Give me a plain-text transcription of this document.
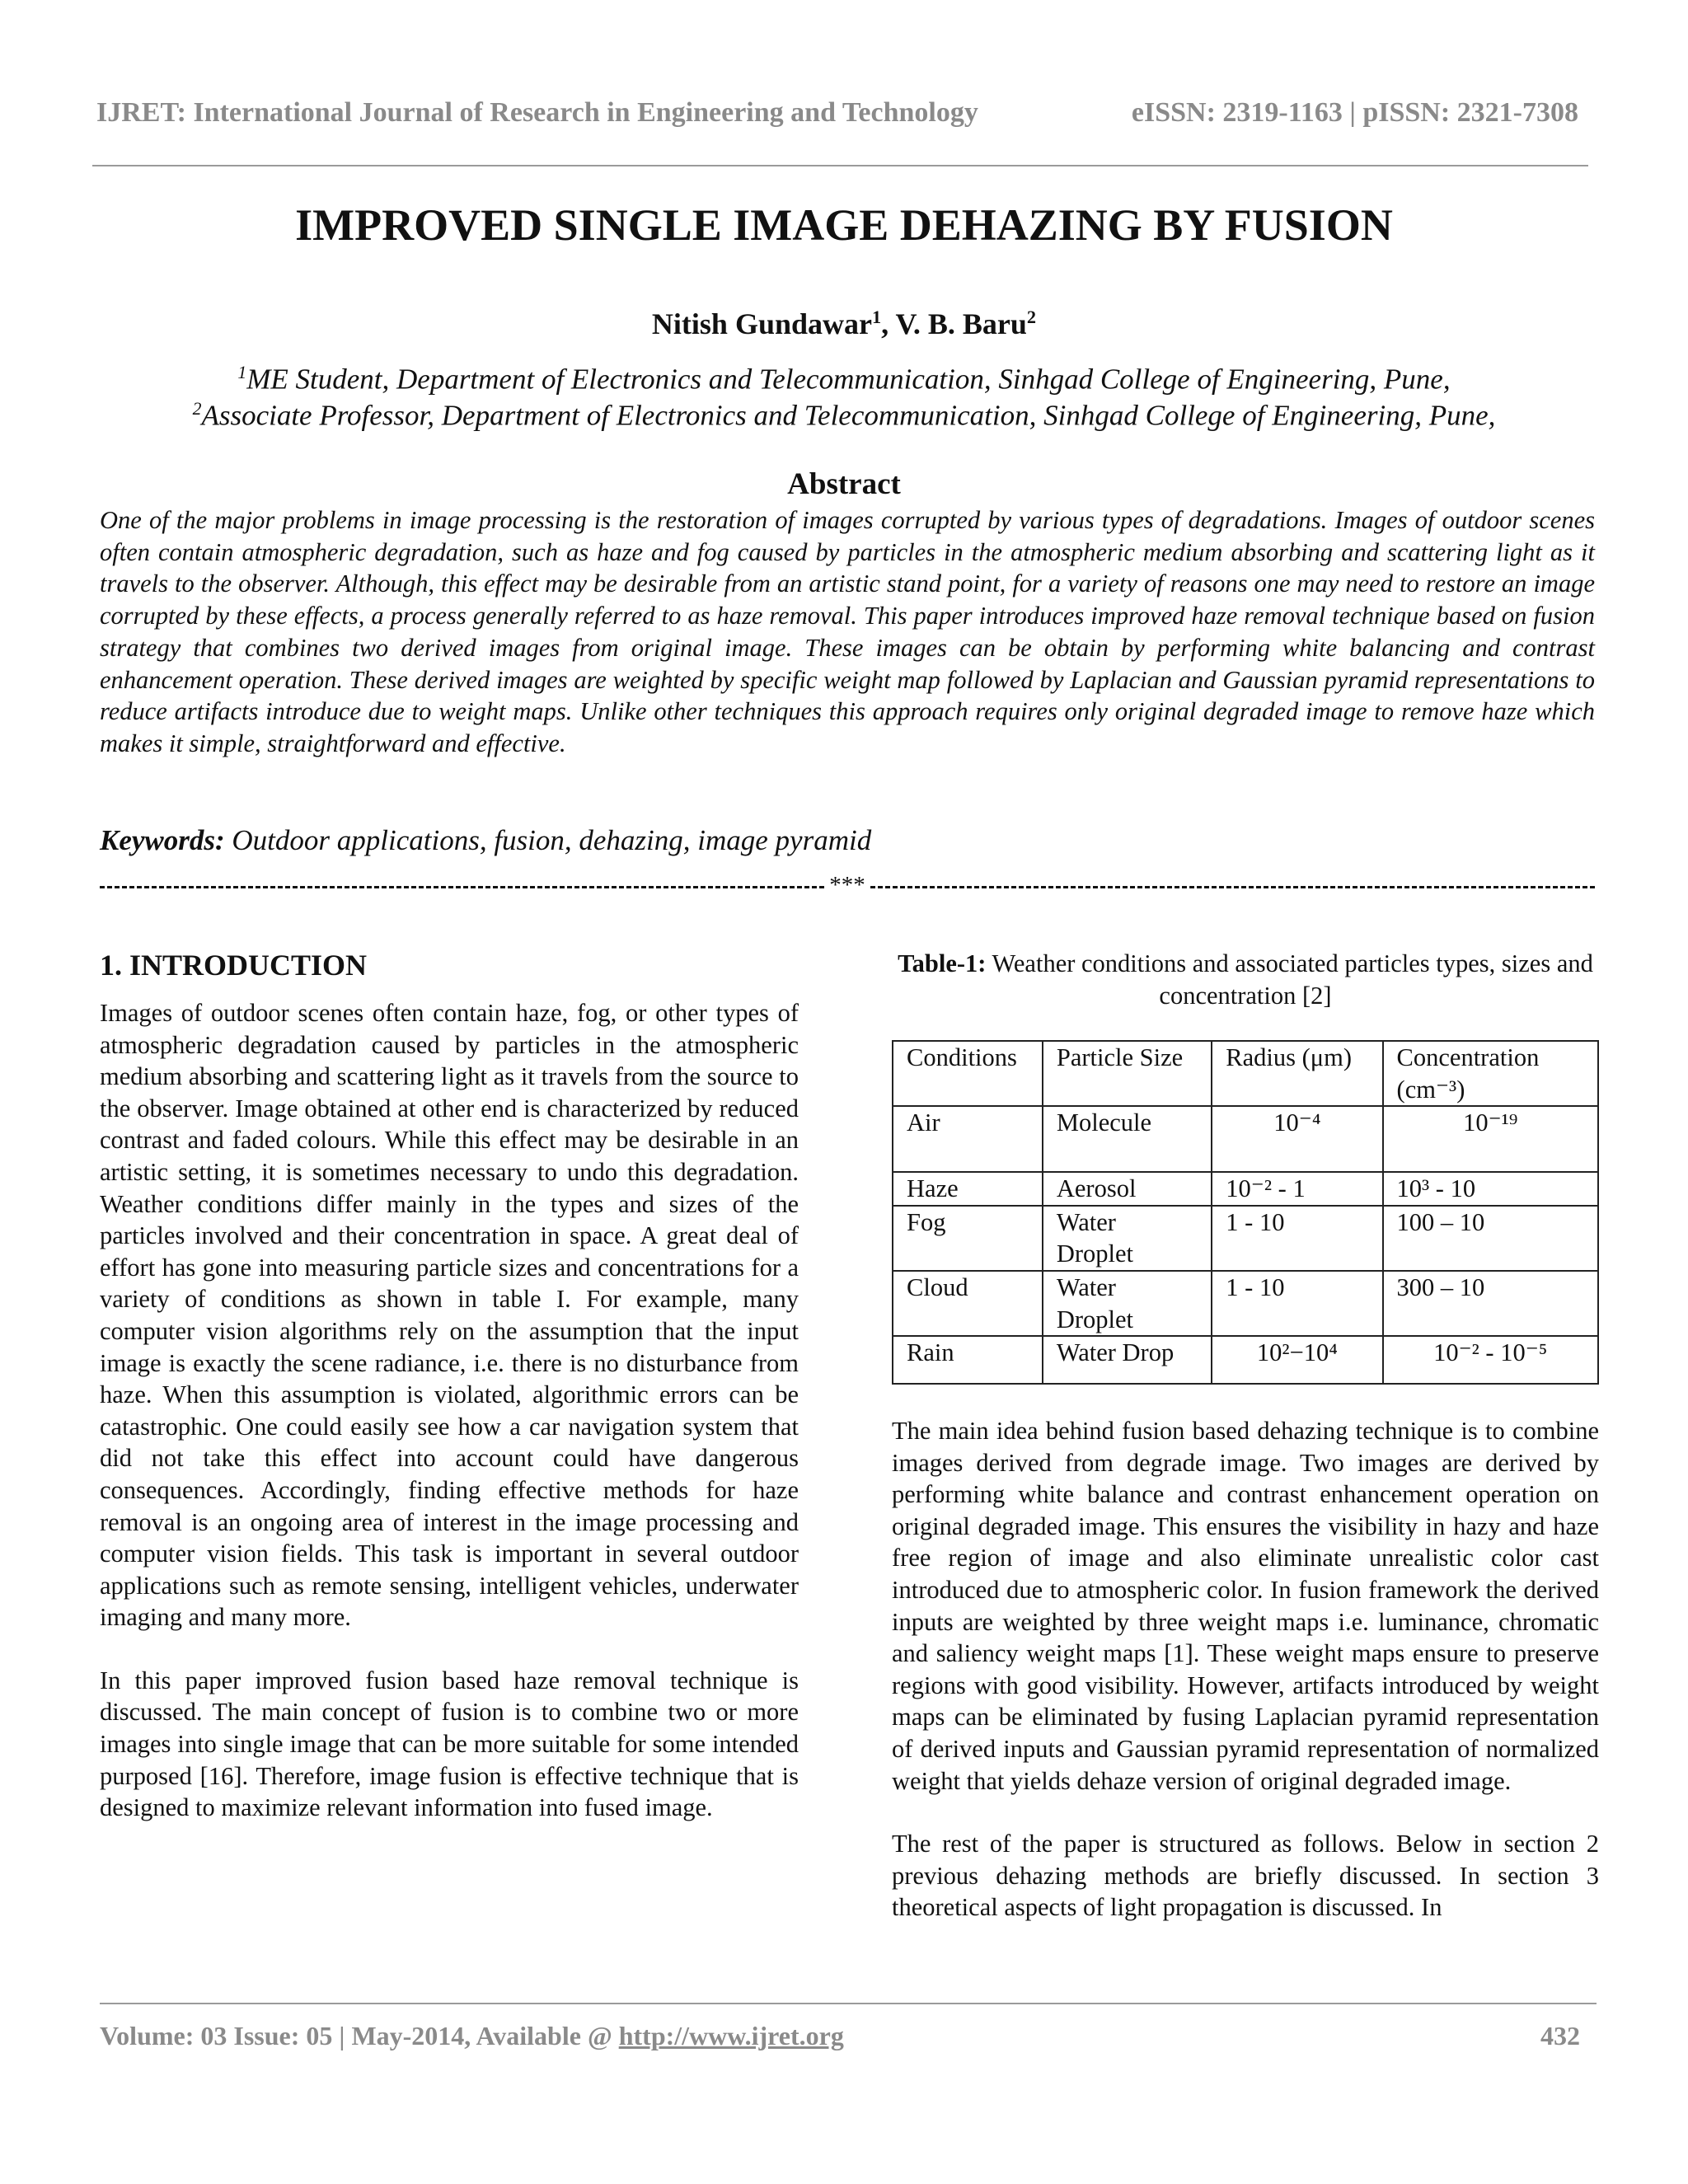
IJRET: International Journal of Research in Engineering and Technology	eISSN: 2319-1163 | pISSN: 2321-7308
IMPROVED SINGLE IMAGE DEHAZING BY FUSION
Nitish Gundawar$^1$, V. B. Baru$^2$
$^1$ME Student, Department of Electronics and Telecommunication, Sinhgad College of Engineering, Pune,
$^2$Associate Professor, Department of Electronics and Telecommunication, Sinhgad College of Engineering, Pune,
Abstract
One of the major problems in image processing is the restoration of images corrupted by various types of degradations. Images of outdoor scenes often contain atmospheric degradation, such as haze and fog caused by particles in the atmospheric medium absorbing and scattering light as it travels to the observer. Although, this effect may be desirable from an artistic stand point, for a variety of reasons one may need to restore an image corrupted by these effects, a process generally referred to as haze removal. This paper introduces improved haze removal technique based on fusion strategy that combines two derived images from original image. These images can be obtain by performing white balancing and contrast enhancement operation. These derived images are weighted by specific weight map followed by Laplacian and Gaussian pyramid representations to reduce artifacts introduce due to weight maps. Unlike other techniques this approach requires only original degraded image to remove haze which makes it simple, straightforward and effective.
Keywords: Outdoor applications, fusion, dehazing, image pyramid
***
1. INTRODUCTION

Images of outdoor scenes often contain haze, fog, or other types of atmospheric degradation caused by particles in the atmospheric medium absorbing and scattering light as it travels from the source to the observer. Image obtained at other end is characterized by reduced contrast and faded colours. While this effect may be desirable in an artistic setting, it is sometimes necessary to undo this degradation. Weather conditions differ mainly in the types and sizes of the particles involved and their concentration in space. A great deal of effort has gone into measuring particle sizes and concentrations for a variety of conditions as shown in table I. For example, many computer vision algorithms rely on the assumption that the input image is exactly the scene radiance, i.e. there is no disturbance from haze. When this assumption is violated, algorithmic errors can be catastrophic. One could easily see how a car navigation system that did not take this effect into account could have dangerous consequences. Accordingly, finding effective methods for haze removal is an ongoing area of interest in the image processing and computer vision fields. This task is important in several outdoor applications such as remote sensing, intelligent vehicles, underwater imaging and many more.

In this paper improved fusion based haze removal technique is discussed. The main concept of fusion is to combine two or more images into single image that can be more suitable for some intended purposed [16]. Therefore, image fusion is effective technique that is designed to maximize relevant information into fused image.

Table-1: Weather conditions and associated particles types, sizes and concentration [2]
Conditions	Particle Size	Radius (μm)	Concentration (cm⁻³)
Air	Molecule	10⁻⁴	10⁻¹⁹
Haze	Aerosol	10⁻² - 1	10³ - 10
Fog	Water Droplet	1 - 10	100 – 10
Cloud	Water Droplet	1 - 10	300 – 10
Rain	Water Drop	10²−10⁴	10⁻² - 10⁻⁵

The main idea behind fusion based dehazing technique is to combine images derived from degrade image. Two images are derived by performing white balance and contrast enhancement operation on original degraded image. This ensures the visibility in hazy and haze free region of image and also eliminate unrealistic color cast introduced due to atmospheric color. In fusion framework the derived inputs are weighted by three weight maps i.e. luminance, chromatic and saliency weight maps [1]. These weight maps ensure to preserve regions with good visibility. However, artifacts introduced by weight maps can be eliminated by fusing Laplacian pyramid representation of derived inputs and Gaussian pyramid representation of normalized weight that yields dehaze version of original degraded image.

The rest of the paper is structured as follows. Below in section 2 previous dehazing methods are briefly discussed. In section 3 theoretical aspects of light propagation is discussed. In

Volume: 03 Issue: 05 | May-2014, Available @ http://www.ijret.org	432
